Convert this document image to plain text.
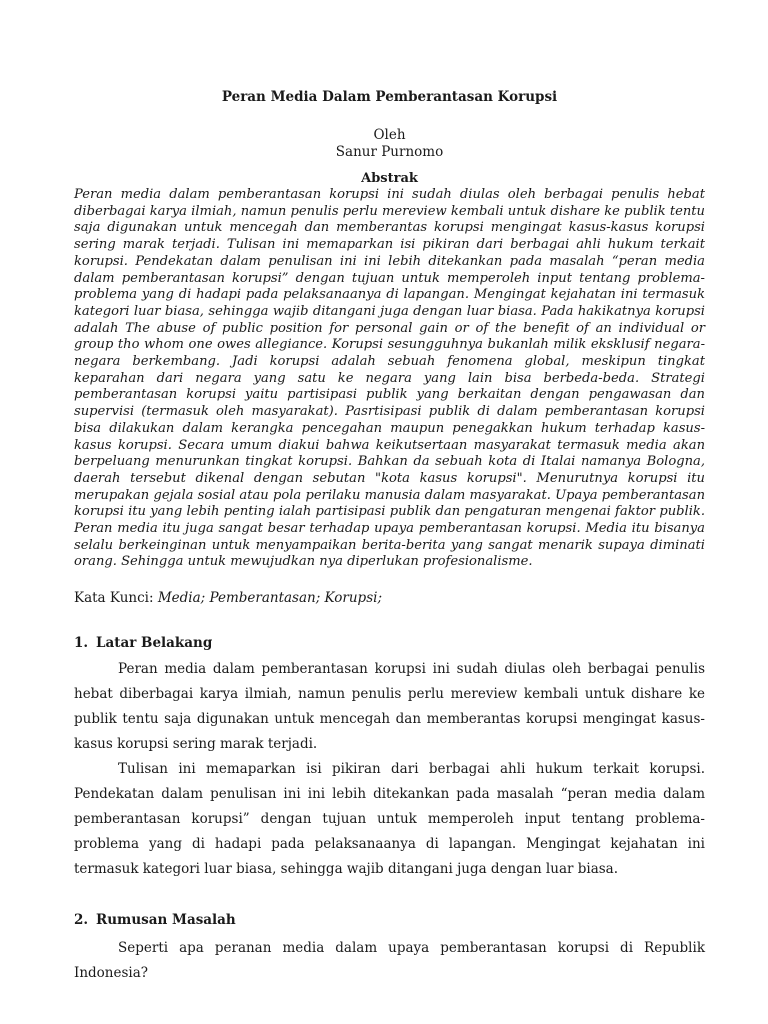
Peran Media Dalam Pemberantasan Korupsi

Oleh

Sanur Purnomo

Abstrak

Peran media dalam pemberantasan korupsi ini sudah diulas oleh berbagai penulis hebat diberbagai karya ilmiah, namun penulis perlu mereview kembali untuk dishare ke publik tentu saja digunakan untuk mencegah dan memberantas korupsi mengingat kasus-kasus korupsi sering marak terjadi. Tulisan ini memaparkan isi pikiran dari berbagai ahli hukum terkait korupsi. Pendekatan dalam penulisan ini ini lebih ditekankan pada masalah “peran media dalam pemberantasan korupsi” dengan tujuan untuk memperoleh input tentang problema-problema yang di hadapi pada pelaksanaanya di lapangan. Mengingat kejahatan ini termasuk kategori luar biasa, sehingga wajib ditangani juga dengan luar biasa. Pada hakikatnya korupsi adalah The abuse of public position for personal gain or of the benefit of an individual or group tho whom one owes allegiance. Korupsi sesungguhnya bukanlah milik eksklusif negara-negara berkembang. Jadi korupsi adalah sebuah fenomena global, meskipun tingkat keparahan dari negara yang satu ke negara yang lain bisa berbeda-beda. Strategi pemberantasan korupsi yaitu partisipasi publik yang berkaitan dengan pengawasan dan supervisi (termasuk oleh masyarakat). Pasrtisipasi publik di dalam pemberantasan korupsi bisa dilakukan dalam kerangka pencegahan maupun penegakkan hukum terhadap kasus-kasus korupsi. Secara umum diakui bahwa keikutsertaan masyarakat termasuk media akan berpeluang menurunkan tingkat korupsi. Bahkan da sebuah kota di Italai namanya Bologna, daerah tersebut dikenal dengan sebutan "kota kasus korupsi". Menurutnya korupsi itu merupakan gejala sosial atau pola perilaku manusia dalam masyarakat. Upaya pemberantasan korupsi itu yang lebih penting ialah partisipasi publik dan pengaturan mengenai faktor publik. Peran media itu juga sangat besar terhadap upaya pemberantasan korupsi. Media itu bisanya selalu berkeinginan untuk menyampaikan berita-berita yang sangat menarik supaya diminati orang. Sehingga untuk mewujudkan nya diperlukan profesionalisme.

Kata Kunci: Media; Pemberantasan; Korupsi;

1. Latar Belakang

Peran media dalam pemberantasan korupsi ini sudah diulas oleh berbagai penulis hebat diberbagai karya ilmiah, namun penulis perlu mereview kembali untuk dishare ke publik tentu saja digunakan untuk mencegah dan memberantas korupsi mengingat kasus-kasus korupsi sering marak terjadi.

Tulisan ini memaparkan isi pikiran dari berbagai ahli hukum terkait korupsi. Pendekatan dalam penulisan ini ini lebih ditekankan pada masalah “peran media dalam pemberantasan korupsi” dengan tujuan untuk memperoleh input tentang problema-problema yang di hadapi pada pelaksanaanya di lapangan. Mengingat kejahatan ini termasuk kategori luar biasa, sehingga wajib ditangani juga dengan luar biasa.

2. Rumusan Masalah

Seperti apa peranan media dalam upaya pemberantasan korupsi di Republik Indonesia?
